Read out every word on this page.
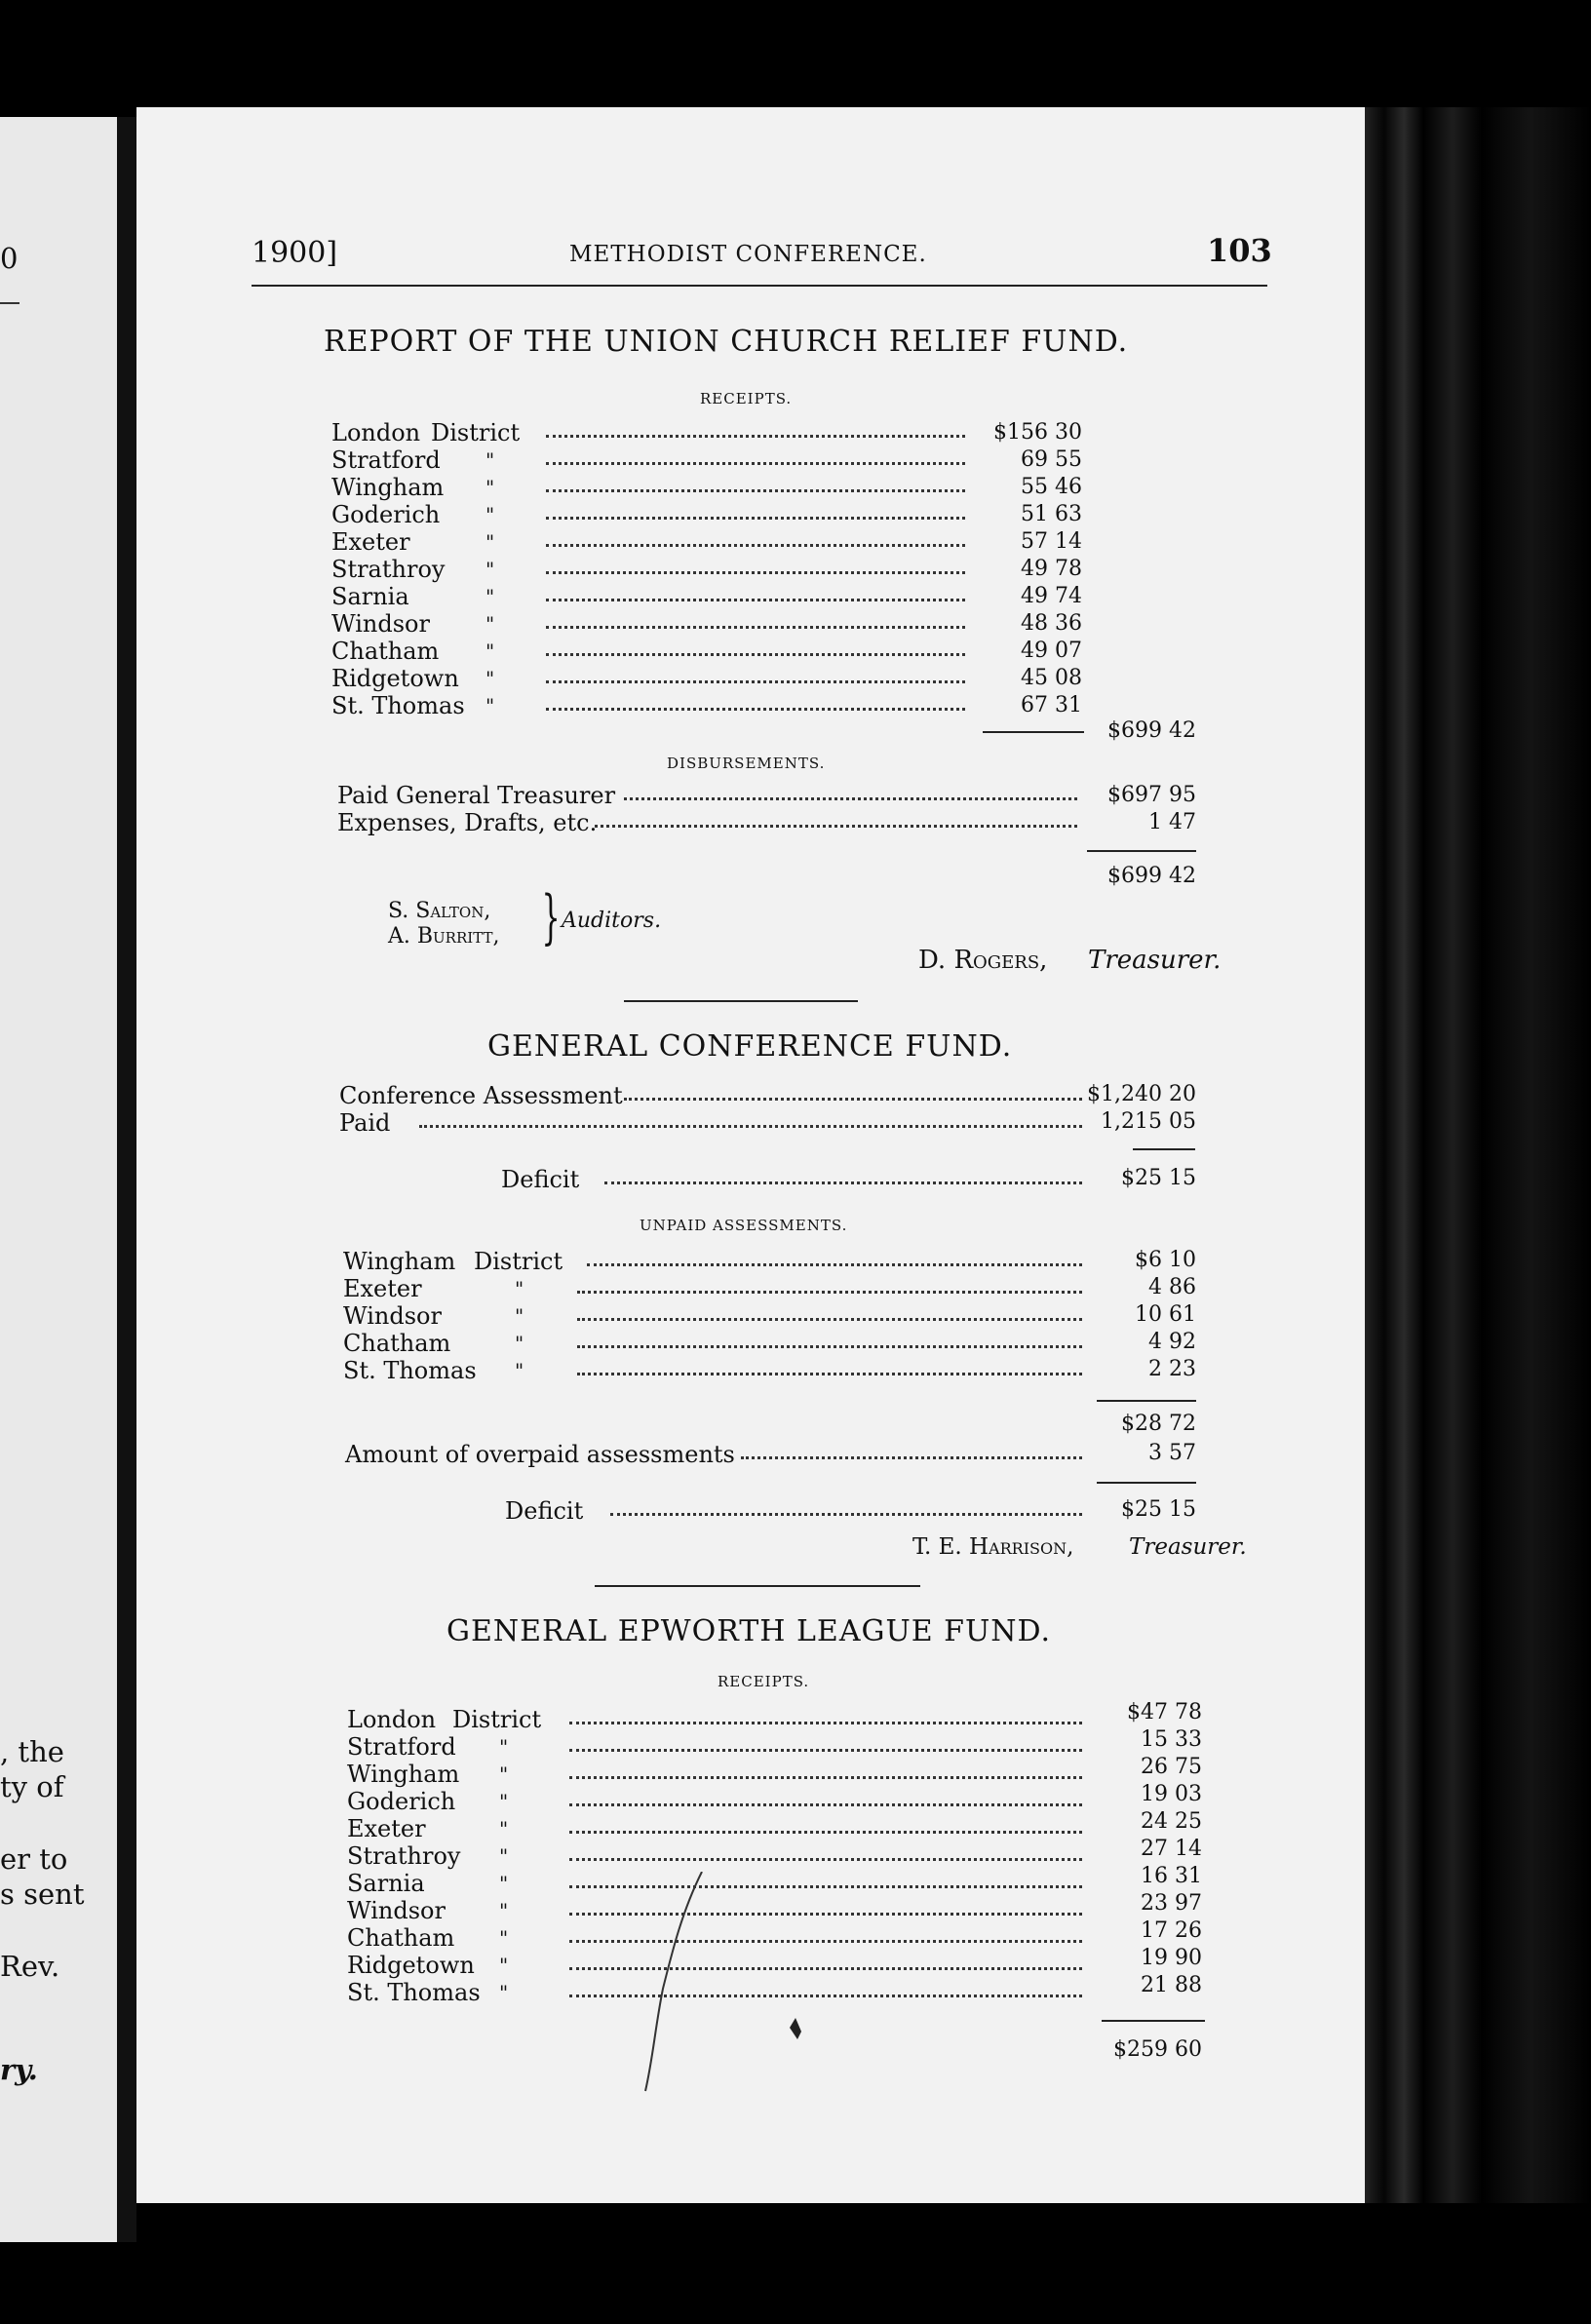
0
, the
ty of
er to
s sent
Rev.
ry.
1900]	METHODIST CONFERENCE.	103
REPORT OF THE UNION CHURCH RELIEF FUND.
RECEIPTS.
London District	$156 30
Stratford "	69 55
Wingham "	55 46
Goderich "	51 63
Exeter	"	57 14
Strathroy "	49 78
Sarnia	"	49 74
Windsor	"	48 36
Chatham "	49 07
Ridgetown "	45 08
St. Thomas "	67 31
$699 42
DISBURSEMENTS.
Paid General Treasurer	$697 95
Expenses, Drafts, etc.	1 47
$699 42
S. Salton,
A. Burritt, } Auditors.
D. Rogers, Treasurer.
GENERAL CONFERENCE FUND.
Conference Assessment	$1,240 20
Paid	1,215 05
Deficit	$25 15
UNPAID ASSESSMENTS.
Wingham District	$6 10
Exeter	"	4 86
Windsor	"	10 61
Chatham	"	4 92
St. Thomas "	2 23
$28 72
Amount of overpaid assessments	3 57
Deficit	$25 15
T. E. Harrison, Treasurer.
GENERAL EPWORTH LEAGUE FUND.
RECEIPTS.
London District	$47 78
Stratford "	15 33
Wingham "	26 75
Goderich "	19 03
Exeter	"	24 25
Strathroy "	27 14
Sarnia	"	16 31
Windsor	"	23 97
Chatham "	17 26
Ridgetown "	19 90
St. Thomas "	21 88
$259 60
